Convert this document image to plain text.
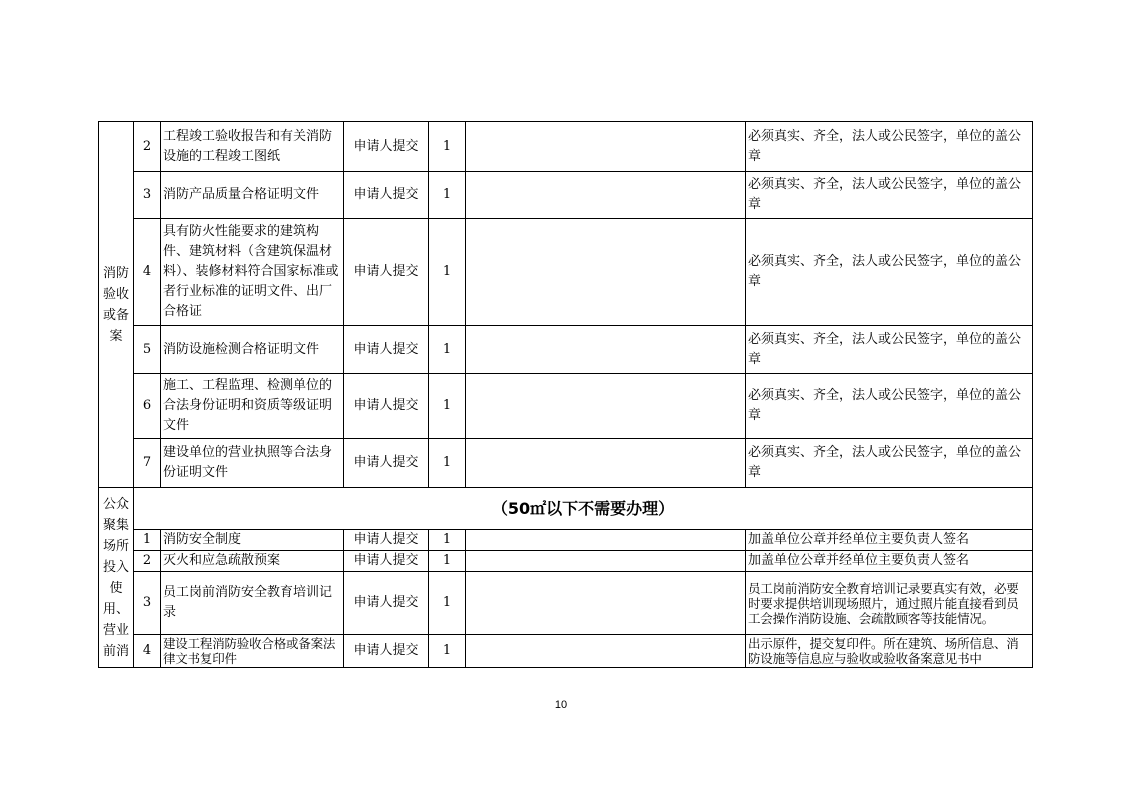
消防验收或备案	2	工程竣工验收报告和有关消防设施的工程竣工图纸	申请人提交	1		必须真实、齐全，法人或公民签字，单位的盖公章
	3	消防产品质量合格证明文件	申请人提交	1		必须真实、齐全，法人或公民签字，单位的盖公章
	4	具有防火性能要求的建筑构件、建筑材料（含建筑保温材料）、装修材料符合国家标准或者行业标准的证明文件、出厂合格证	申请人提交	1		必须真实、齐全，法人或公民签字，单位的盖公章
	5	消防设施检测合格证明文件	申请人提交	1		必须真实、齐全，法人或公民签字，单位的盖公章
	6	施工、工程监理、检测单位的合法身份证明和资质等级证明文件	申请人提交	1		必须真实、齐全，法人或公民签字，单位的盖公章
	7	建设单位的营业执照等合法身份证明文件	申请人提交	1		必须真实、齐全，法人或公民签字，单位的盖公章
公众聚集场所投入使用、营业前消	（50㎡以下不需要办理）					
	1	消防安全制度	申请人提交	1		加盖单位公章并经单位主要负责人签名
	2	灭火和应急疏散预案	申请人提交	1		加盖单位公章并经单位主要负责人签名
	3	员工岗前消防安全教育培训记录	申请人提交	1		员工岗前消防安全教育培训记录要真实有效，必要时要求提供培训现场照片，通过照片能直接看到员工会操作消防设施、会疏散顾客等技能情况。
	4	建设工程消防验收合格或备案法律文书复印件	申请人提交	1		出示原件，提交复印件。所在建筑、场所信息、消防设施等信息应与验收或验收备案意见书中
10
